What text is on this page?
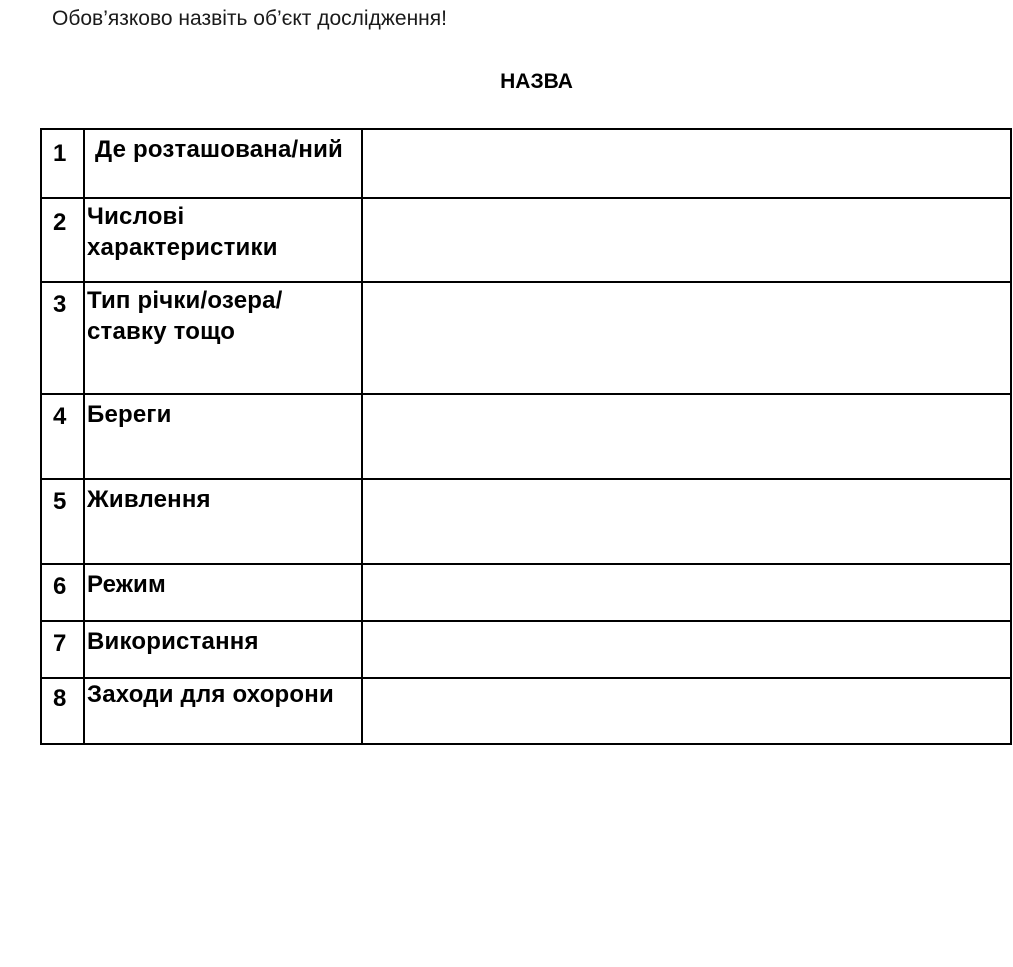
Обов’язково назвіть об’єкт дослідження!
НАЗВА
1	Де розташована/ний	
2	Числові характеристики	
3	Тип річки/озера/ставку тощо	
4	Береги	
5	Живлення	
6	Режим	
7	Використання	
8	Заходи для охорони	
